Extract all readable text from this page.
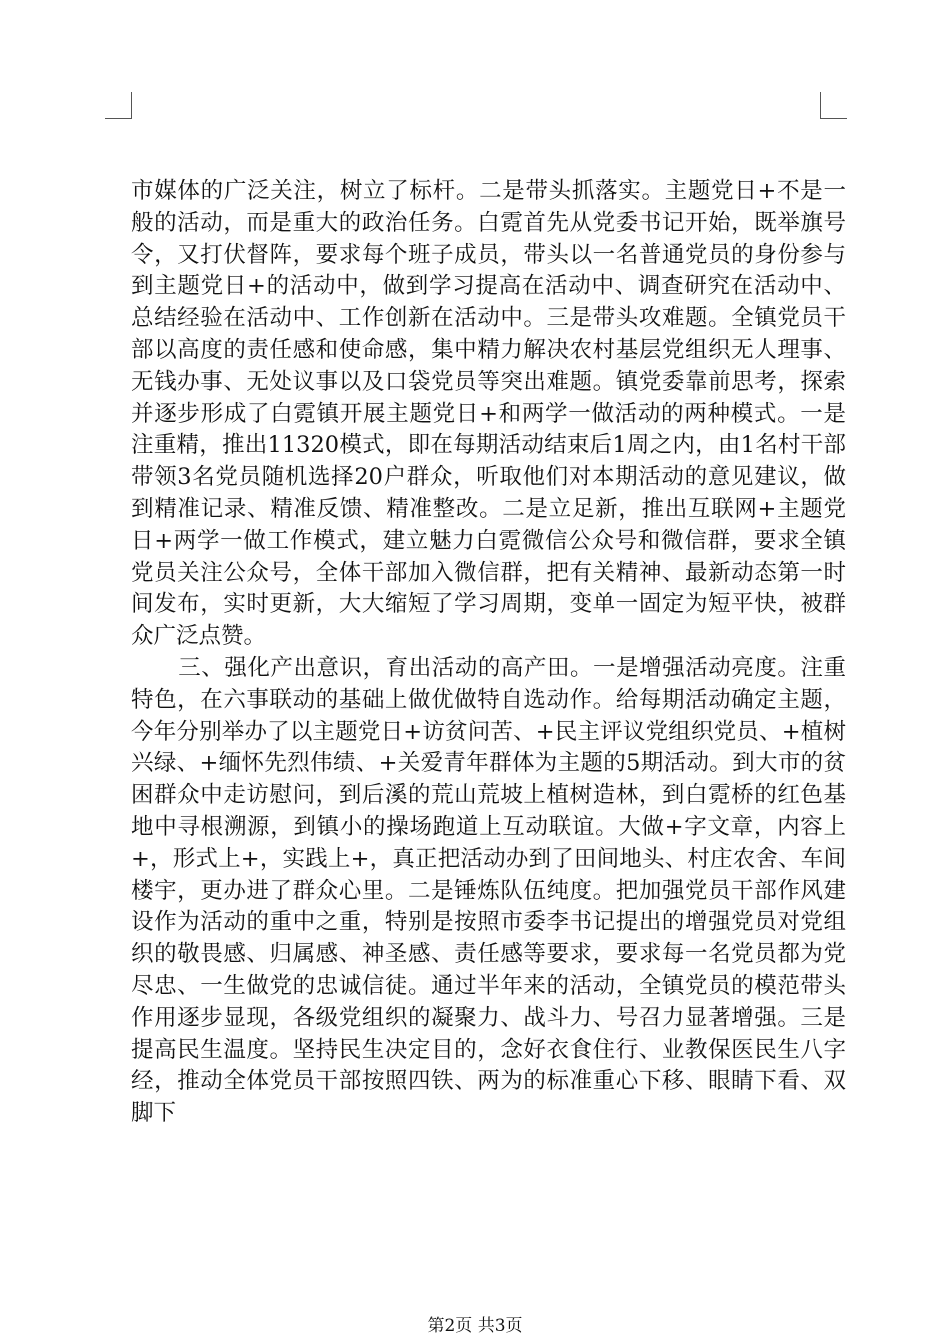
市媒体的广泛关注，树立了标杆。二是带头抓落实。主题党日+不是一般的活动，而是重大的政治任务。白霓首先从党委书记开始，既举旗号令，又打伏督阵，要求每个班子成员，带头以一名普通党员的身份参与到主题党日+的活动中，做到学习提高在活动中、调查研究在活动中、总结经验在活动中、工作创新在活动中。三是带头攻难题。全镇党员干部以高度的责任感和使命感，集中精力解决农村基层党组织无人理事、无钱办事、无处议事以及口袋党员等突出难题。镇党委靠前思考，探索并逐步形成了白霓镇开展主题党日+和两学一做活动的两种模式。一是注重精，推出11320模式，即在每期活动结束后1周之内，由1名村干部带领3名党员随机选择20户群众，听取他们对本期活动的意见建议，做到精准记录、精准反馈、精准整改。二是立足新，推出互联网+主题党日+两学一做工作模式，建立魅力白霓微信公众号和微信群，要求全镇党员关注公众号，全体干部加入微信群，把有关精神、最新动态第一时间发布，实时更新，大大缩短了学习周期，变单一固定为短平快，被群众广泛点赞。

三、强化产出意识，育出活动的高产田。一是增强活动亮度。注重特色，在六事联动的基础上做优做特自选动作。给每期活动确定主题，今年分别举办了以主题党日+访贫问苦、+民主评议党组织党员、+植树兴绿、+缅怀先烈伟绩、+关爱青年群体为主题的5期活动。到大市的贫困群众中走访慰问，到后溪的荒山荒坡上植树造林，到白霓桥的红色基地中寻根溯源，到镇小的操场跑道上互动联谊。大做+字文章，内容上+，形式上+，实践上+，真正把活动办到了田间地头、村庄农舍、车间楼宇，更办进了群众心里。二是锤炼队伍纯度。把加强党员干部作风建设作为活动的重中之重，特别是按照市委李书记提出的增强党员对党组织的敬畏感、归属感、神圣感、责任感等要求，要求每一名党员都为党尽忠、一生做党的忠诚信徒。通过半年来的活动，全镇党员的模范带头作用逐步显现，各级党组织的凝聚力、战斗力、号召力显著增强。三是提高民生温度。坚持民生决定目的，念好衣食住行、业教保医民生八字经，推动全体党员干部按照四铁、两为的标准重心下移、眼睛下看、双脚下

第2页 共3页
